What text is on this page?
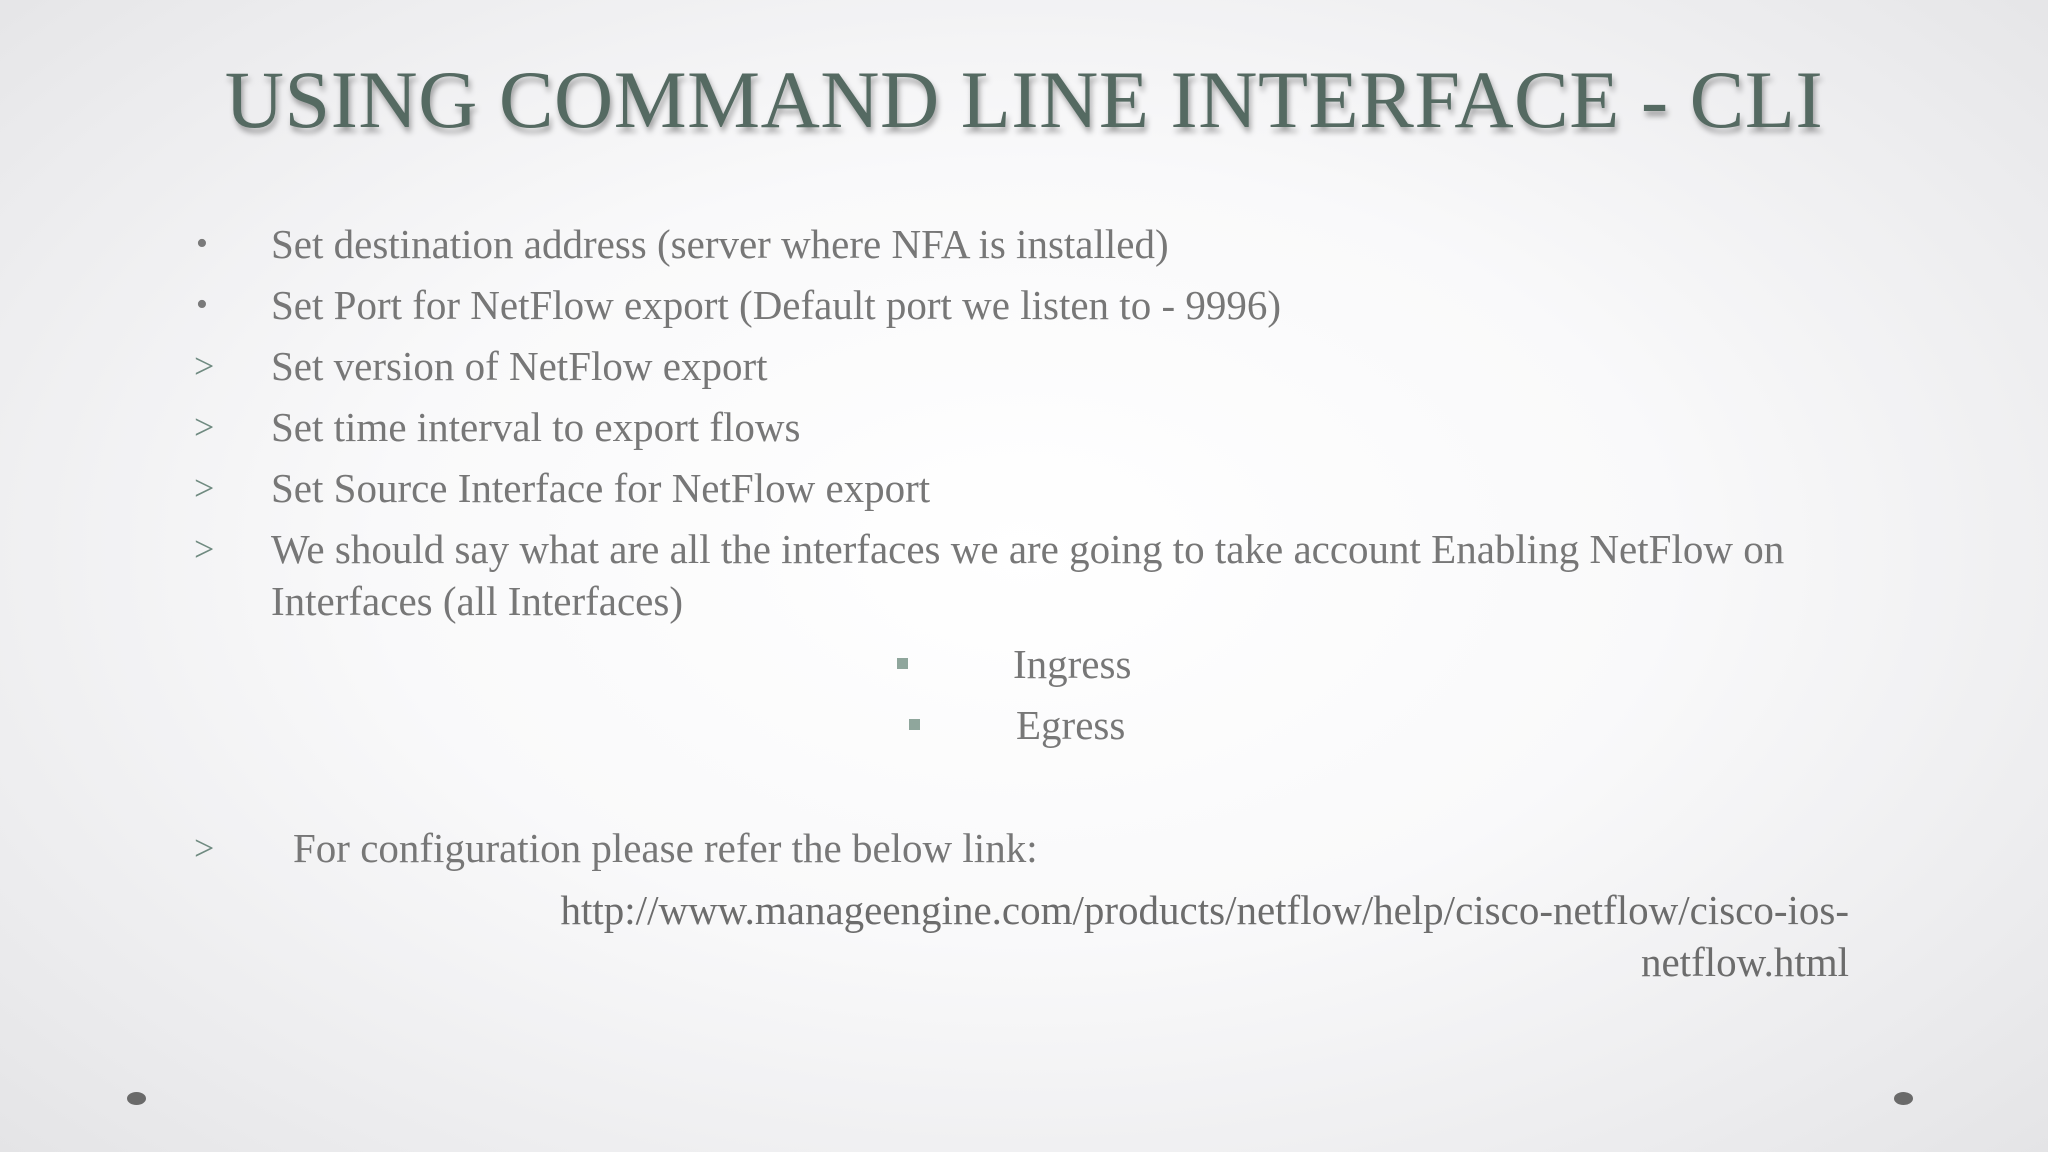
USING COMMAND LINE INTERFACE - CLI
• Set destination address (server where NFA is installed)
• Set Port for NetFlow export (Default port we listen to - 9996)
> Set version of NetFlow export
> Set time interval to export flows
> Set Source Interface for NetFlow export
> We should say what are all the interfaces we are going to take account Enabling NetFlow on Interfaces (all Interfaces)
Ingress
Egress
> For configuration please refer the below link:
http://www.manageengine.com/products/netflow/help/cisco-netflow/cisco-ios-
netflow.html
